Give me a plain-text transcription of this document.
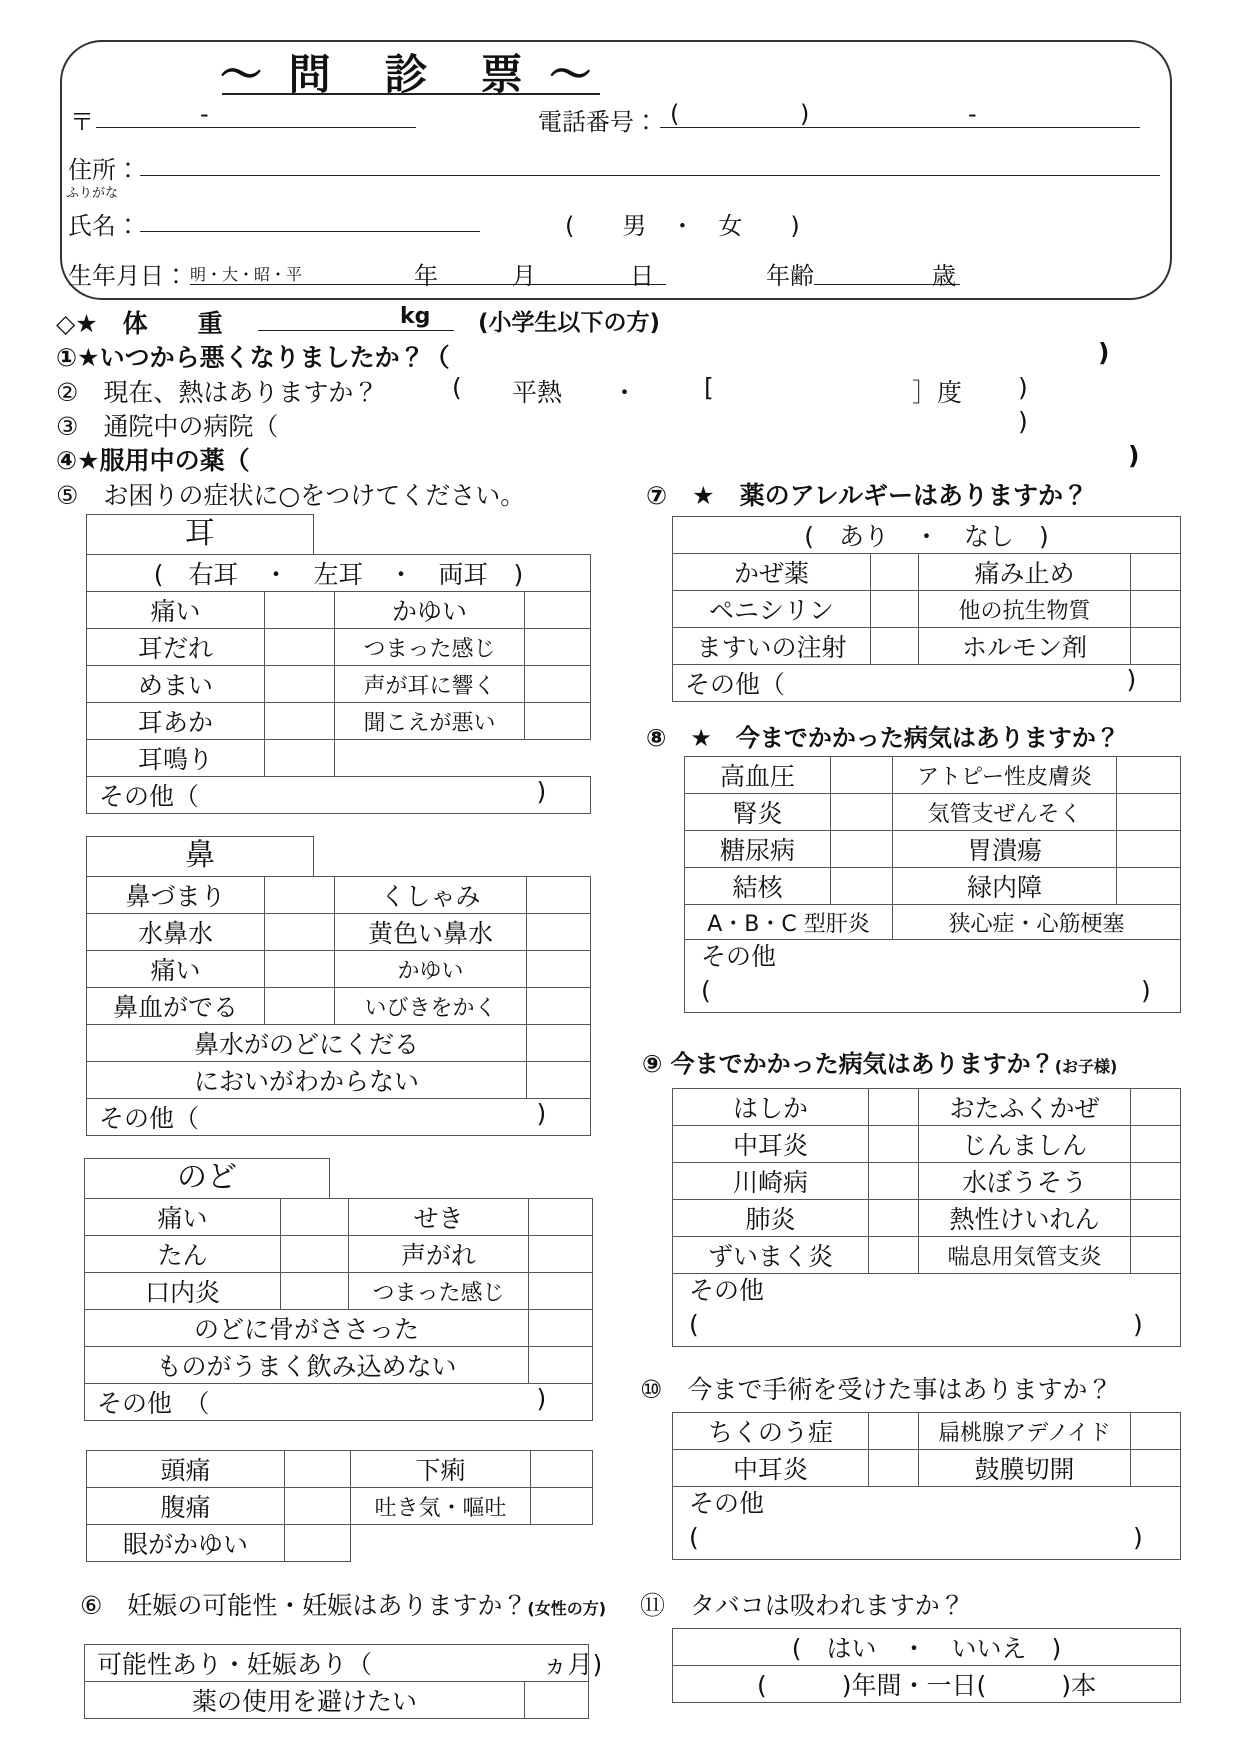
〜 問　診　票 〜
〒	-	電話番号： (	)	-
住所：
ふりがな
氏名：	(　　男　・　女　　)
生年月日： 明・大・昭・平	年	月	日	年齢	歳
◇★　体　　重	kg (小学生以下の方)
①★いつから悪くなりましたか？（	)
②　現在、熱はありますか？	( 平熱 ・	[	］度 )
③　通院中の病院（	)
④★服用中の薬（	)
⑤　お困りの症状に○をつけてください。	⑦　★　薬のアレルギーはありますか？
耳
(　右耳　・　左耳　・　両耳　)			
痛い		かゆい	
耳だれ		つまった感じ	
めまい		声が耳に響く	
耳あか		聞こえが悪い	
耳鳴り			
その他（ )			
鼻
鼻づまり		くしゃみ	
水鼻水		黄色い鼻水	
痛い		かゆい	
鼻血がでる		いびきをかく	
鼻水がのどにくだる			
においがわからない			
その他（ )			
のど
痛い		せき	
たん		声がれ	
口内炎		つまった感じ	
のどに骨がささった			
ものがうまく飲み込めない			
その他　（ )			
頭痛		下痢	
腹痛		吐き気・嘔吐	
眼がかゆい			
⑥　妊娠の可能性・妊娠はありますか？(女性の方)
可能性あり・妊娠あり（	ヵ月)

薬の使用を避けたい	
(　あり　・　なし　)			
かぜ薬		痛み止め	
ペニシリン		他の抗生物質	
ますいの注射		ホルモン剤	
その他（ )			
⑧　★　今までかかった病気はありますか？
高血圧		アトピー性皮膚炎	
腎炎		気管支ぜんそく	
糖尿病		胃潰瘍	
結核		緑内障	
A・B・C 型肝炎		狭心症・心筋梗塞	

その他
( )			
⑨ 今までかかった病気はありますか？(お子様)
はしか		おたふくかぜ	
中耳炎		じんましん	
川崎病		水ぼうそう	
肺炎		熱性けいれん	
ずいまく炎		喘息用気管支炎	

その他
( )			
⑩　今まで手術を受けた事はありますか？
ちくのう症		扁桃腺アデノイド	
中耳炎		鼓膜切開	

その他
( )			
⑪　タバコは吸われますか？
(　はい　・　いいえ　)
(　　　)年間・一日(　　　)本
